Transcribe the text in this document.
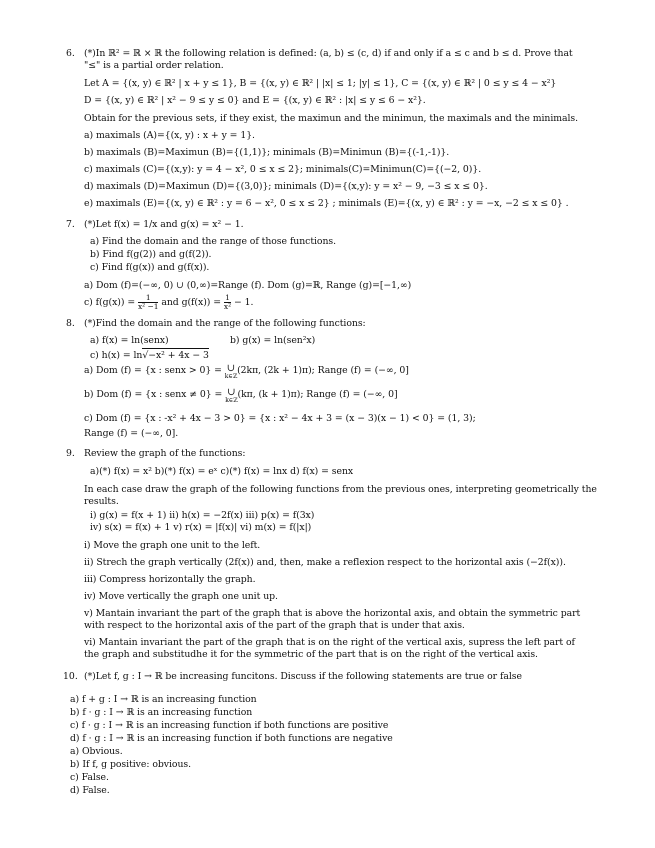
6. (*)In ℝ² = ℝ × ℝ the following relation is defined: (a, b) ≤ (c, d) if and only if a ≤ c and b ≤ d. Prove that
"≤" is a partial order relation.
Let A = {(x, y) ∈ ℝ² | x + y ≤ 1}, B = {(x, y) ∈ ℝ² | |x| ≤ 1; |y| ≤ 1}, C = {(x, y) ∈ ℝ² | 0 ≤ y ≤ 4 − x²}
D = {(x, y) ∈ ℝ² | x² − 9 ≤ y ≤ 0} and E = {(x, y) ∈ ℝ² : |x| ≤ y ≤ 6 − x²}.
Obtain for the previous sets, if they exist, the maximun and the minimun, the maximals and the minimals.
a) maximals (A)={(x, y) : x + y = 1}.
b) maximals (B)=Maximun (B)={(1,1)}; minimals (B)=Minimun (B)={(-1,-1)}.
c) maximals (C)={(x,y): y = 4 − x², 0 ≤ x ≤ 2}; minimals(C)=Minimun(C)={(−2, 0)}.
d) maximals (D)=Maximun (D)={(3,0)}; minimals (D)={(x,y): y = x² − 9, −3 ≤ x ≤ 0}.
e) maximals (E)={(x, y) ∈ ℝ² : y = 6 − x², 0 ≤ x ≤ 2} ; minimals (E)={(x, y) ∈ ℝ² : y = −x, −2 ≤ x ≤ 0} .
7. (*)Let f(x) = 1/x and g(x) = x² − 1.
a) Find the domain and the range of those functions.
b) Find f(g(2)) and g(f(2)).
c) Find f(g(x)) and g(f(x)).
a) Dom (f)=(−∞, 0) ∪ (0,∞)=Range (f). Dom (g)=ℝ, Range (g)=[−1,∞)
c) $f(g(x)) = \frac{1}{\text{x² −1}}$ and $g(f(x)) = \frac{1}{\text{x²}} - 1$.
8. (*)Find the domain and the range of the following functions:
a) f(x) = ln(senx)	b) g(x) = ln(sen²x)
c) h(x) = ln√−x² + 4x − 3
a) Dom (f) = {x : senx > 0} = ∪
k∈ℤ
(2kπ, (2k + 1)π); Range (f) = (−∞, 0]
b) Dom (f) = {x : senx ≠ 0} = ∪
k∈ℤ
(kπ, (k + 1)π); Range (f) = (−∞, 0]
c) Dom (f) = {x : -x² + 4x − 3 > 0} = {x : x² − 4x + 3 = (x − 3)(x − 1) < 0} = (1, 3);
Range (f) = (−∞, 0].
9. Review the graph of the functions:
a)(*) f(x) = x² b)(*) f(x) = eˣ c)(*) f(x) = lnx d) f(x) = senx
In each case draw the graph of the following functions from the previous ones, interpreting geometrically the
results.
i) g(x) = f(x + 1) ii) h(x) = −2f(x) iii) p(x) = f(3x)
iv) s(x) = f(x) + 1 v) r(x) = |f(x)| vi) m(x) = f(|x|)
i) Move the graph one unit to the left.
ii) Strech the graph vertically (2f(x)) and, then, make a reflexion respect to the horizontal axis (−2f(x)).
iii) Compress horizontally the graph.
iv) Move vertically the graph one unit up.
v) Mantain invariant the part of the graph that is above the horizontal axis, and obtain the symmetric part
with respect to the horizontal axis of the part of the graph that is under that axis.
vi) Mantain invariant the part of the graph that is on the right of the vertical axis, supress the left part of
the graph and substitudhe it for the symmetric of the part that is on the right of the vertical axis.
10. (*)Let f, g : I → ℝ be increasing funcitons. Discuss if the following statements are true or false
a) f + g : I → ℝ is an increasing function
b) f · g : I → ℝ is an increasing function
c) f · g : I → ℝ is an increasing function if both functions are positive
d) f · g : I → ℝ is an increasing function if both functions are negative
a) Obvious.
b) If f, g positive: obvious.
c) False.
d) False.
